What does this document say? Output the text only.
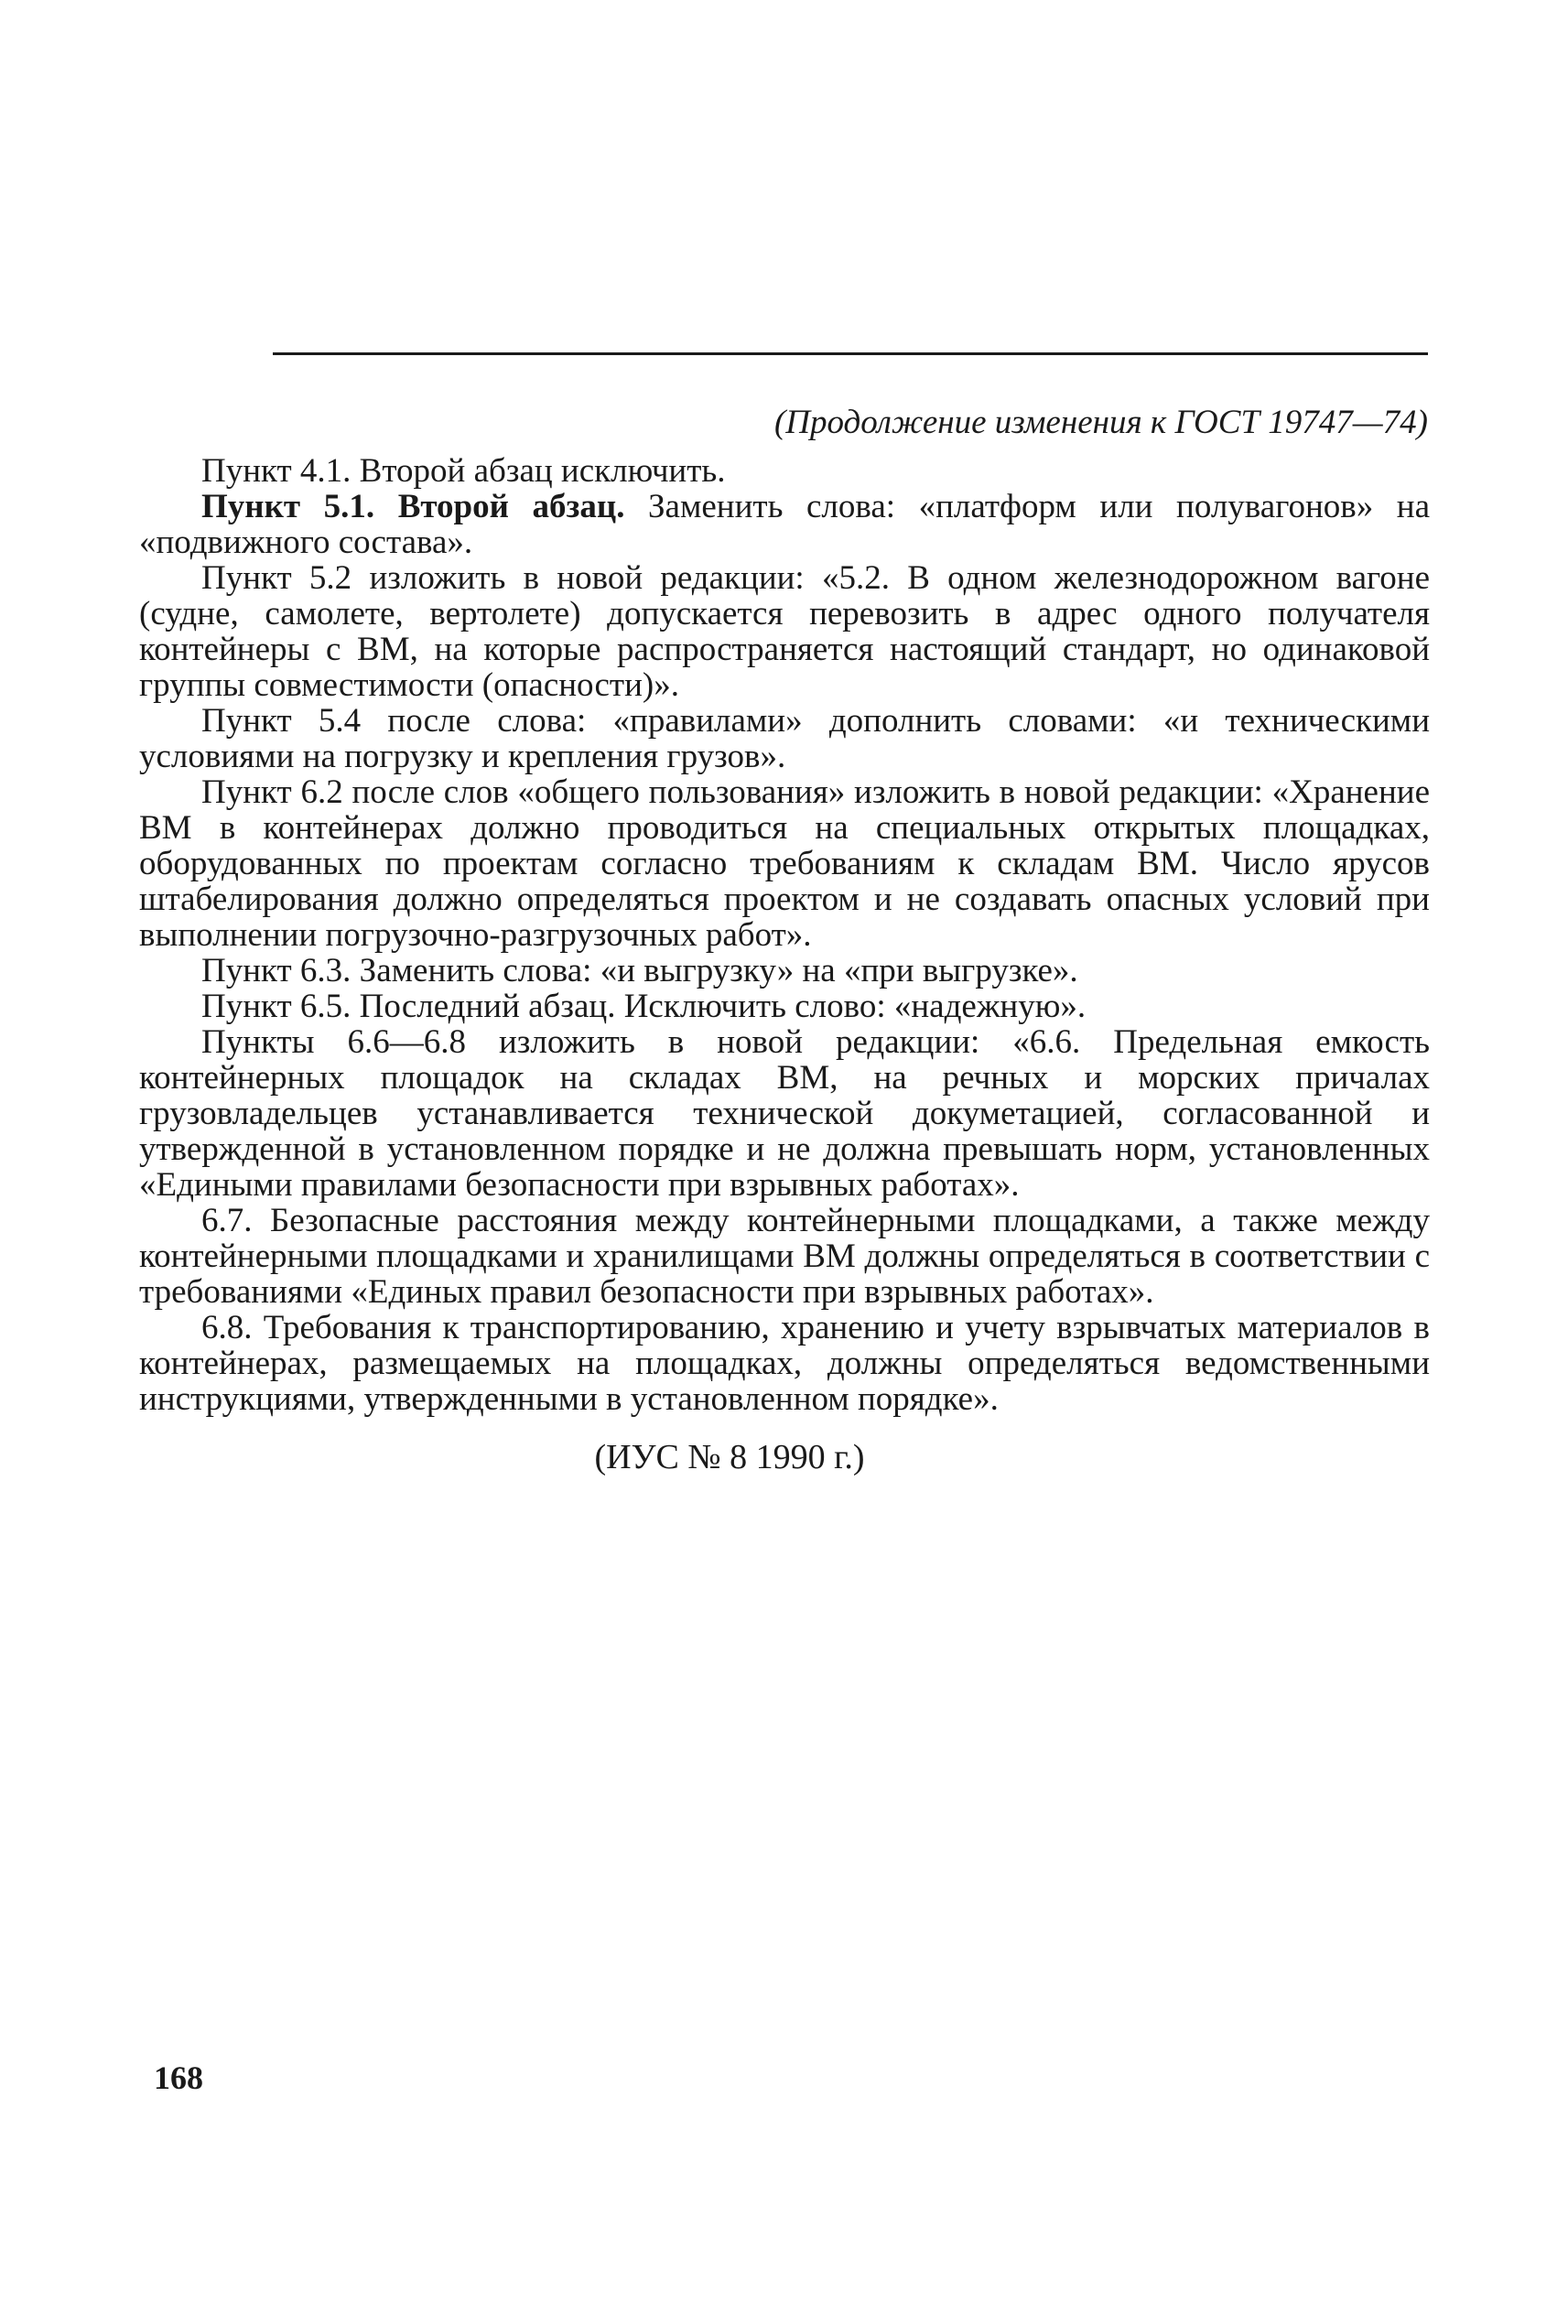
(Продолжение изменения к ГОСТ 19747—74)

Пункт 4.1. Второй абзац исключить.

Пункт 5.1. Второй абзац. Заменить слова: «платформ или полувагонов» на «подвижного состава».

Пункт 5.2 изложить в новой редакции: «5.2. В одном железнодорожном вагоне (судне, самолете, вертолете) допускается перевозить в адрес одного получателя контейнеры с ВМ, на которые распространяется настоящий стандарт, но одинаковой группы совместимости (опасности)».

Пункт 5.4 после слова: «правилами» дополнить словами: «и техническими условиями на погрузку и крепления грузов».

Пункт 6.2 после слов «общего пользования» изложить в новой редакции: «Хранение ВМ в контейнерах должно проводиться на специальных открытых площадках, оборудованных по проектам согласно требованиям к складам ВМ. Число ярусов штабелирования должно определяться проектом и не создавать опасных условий при выполнении погрузочно-разгрузочных работ».

Пункт 6.3. Заменить слова: «и выгрузку» на «при выгрузке».

Пункт 6.5. Последний абзац. Исключить слово: «надежную».

Пункты 6.6—6.8 изложить в новой редакции: «6.6. Предельная емкость контейнерных площадок на складах ВМ, на речных и морских причалах грузовладельцев устанавливается технической докуметацией, согласованной и утвержденной в установленном порядке и не должна превышать норм, установленных «Едиными правилами безопасности при взрывных работах».

6.7. Безопасные расстояния между контейнерными площадками, а также между контейнерными площадками и хранилищами ВМ должны определяться в соответствии с требованиями «Единых правил безопасности при взрывных работах».

6.8. Требования к транспортированию, хранению и учету взрывчатых материалов в контейнерах, размещаемых на площадках, должны определяться ведомственными инструкциями, утвержденными в установленном порядке».

(ИУС № 8 1990 г.)

168
